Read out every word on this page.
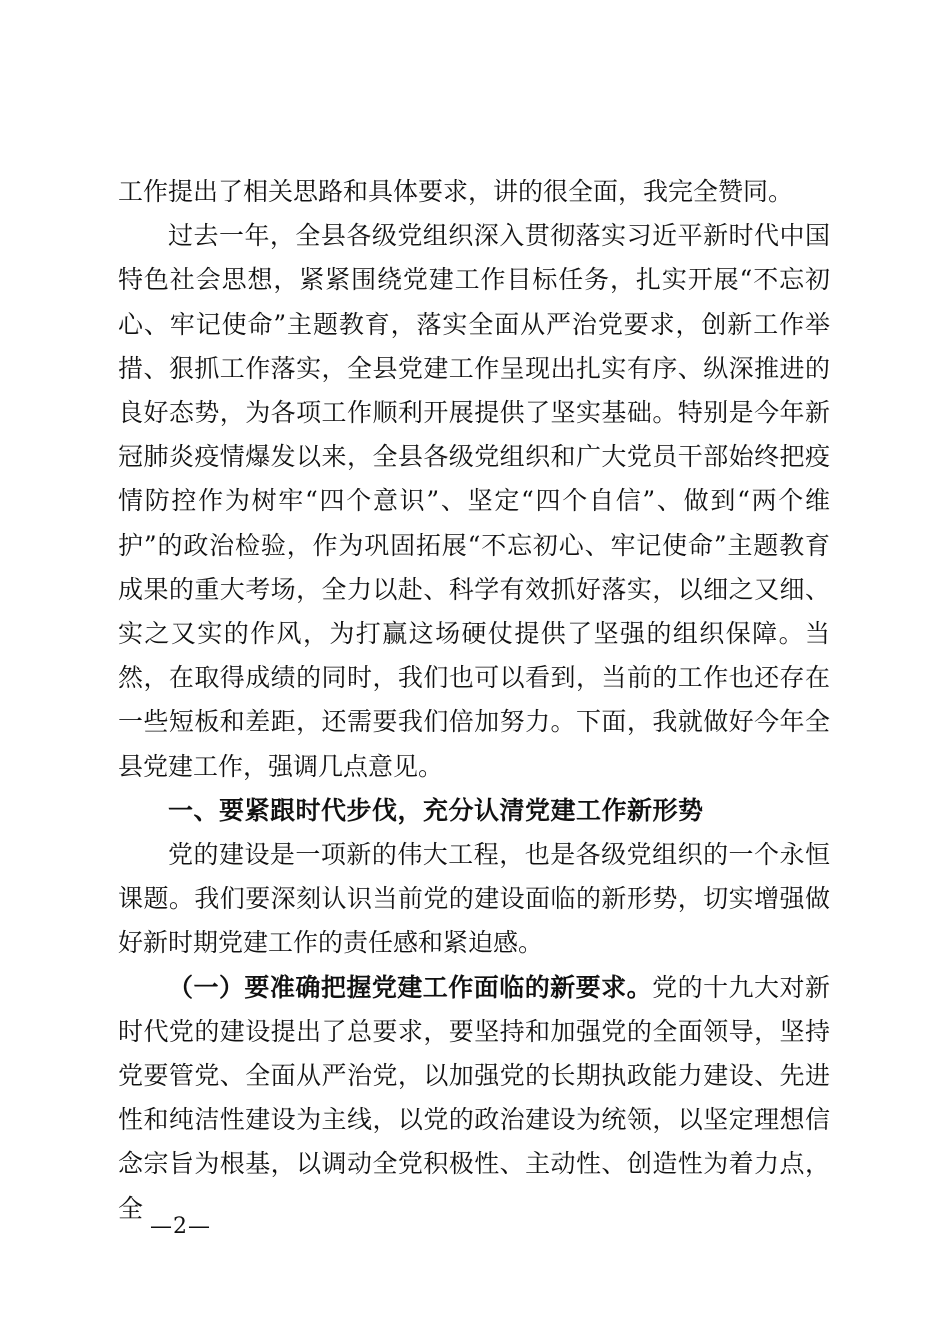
工作提出了相关思路和具体要求，讲的很全面，我完全赞同。

过去一年，全县各级党组织深入贯彻落实习近平新时代中国特色社会思想，紧紧围绕党建工作目标任务，扎实开展“不忘初心、牢记使命”主题教育，落实全面从严治党要求，创新工作举措、狠抓工作落实，全县党建工作呈现出扎实有序、纵深推进的良好态势，为各项工作顺利开展提供了坚实基础。特别是今年新冠肺炎疫情爆发以来，全县各级党组织和广大党员干部始终把疫情防控作为树牢“四个意识”、坚定“四个自信”、做到“两个维护”的政治检验，作为巩固拓展“不忘初心、牢记使命”主题教育成果的重大考场，全力以赴、科学有效抓好落实，以细之又细、实之又实的作风，为打赢这场硬仗提供了坚强的组织保障。当然，在取得成绩的同时，我们也可以看到，当前的工作也还存在一些短板和差距，还需要我们倍加努力。下面，我就做好今年全县党建工作，强调几点意见。

一、要紧跟时代步伐，充分认清党建工作新形势

党的建设是一项新的伟大工程，也是各级党组织的一个永恒课题。我们要深刻认识当前党的建设面临的新形势，切实增强做好新时期党建工作的责任感和紧迫感。

（一）要准确把握党建工作面临的新要求。党的十九大对新时代党的建设提出了总要求，要坚持和加强党的全面领导，坚持党要管党、全面从严治党，以加强党的长期执政能力建设、先进性和纯洁性建设为主线，以党的政治建设为统领，以坚定理想信念宗旨为根基，以调动全党积极性、主动性、创造性为着力点，全

—2—
